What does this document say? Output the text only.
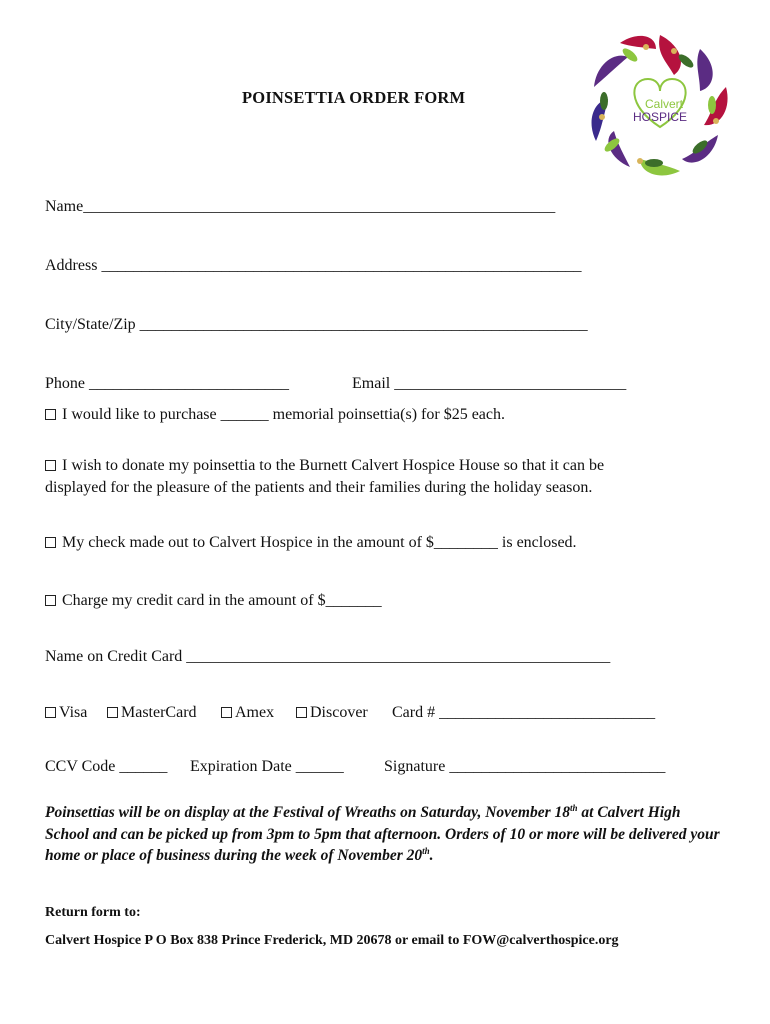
POINSETTIA ORDER FORM	Calvert
HOSPICE
Name___________________________________________________________
Address ____________________________________________________________
City/State/Zip ________________________________________________________
Phone _________________________	Email _____________________________
I would like to purchase ______ memorial poinsettia(s) for $25 each.
I wish to donate my poinsettia to the Burnett Calvert Hospice House so that it can be
displayed for the pleasure of the patients and their families during the holiday season.
My check made out to Calvert Hospice in the amount of $________ is enclosed.
Charge my credit card in the amount of $_______
Name on Credit Card _____________________________________________________
Visa	MasterCard	Amex	Discover Card # ___________________________
CCV Code ______ Expiration Date ______	Signature ___________________________
Poinsettias will be on display at the Festival of Wreaths on Saturday, November 18th at Calvert High School and can be picked up from 3pm to 5pm that afternoon. Orders of 10 or more will be delivered your home or place of business during the week of November 20th.
Return form to:
Calvert Hospice P O Box 838 Prince Frederick, MD 20678 or email to FOW@calverthospice.org
